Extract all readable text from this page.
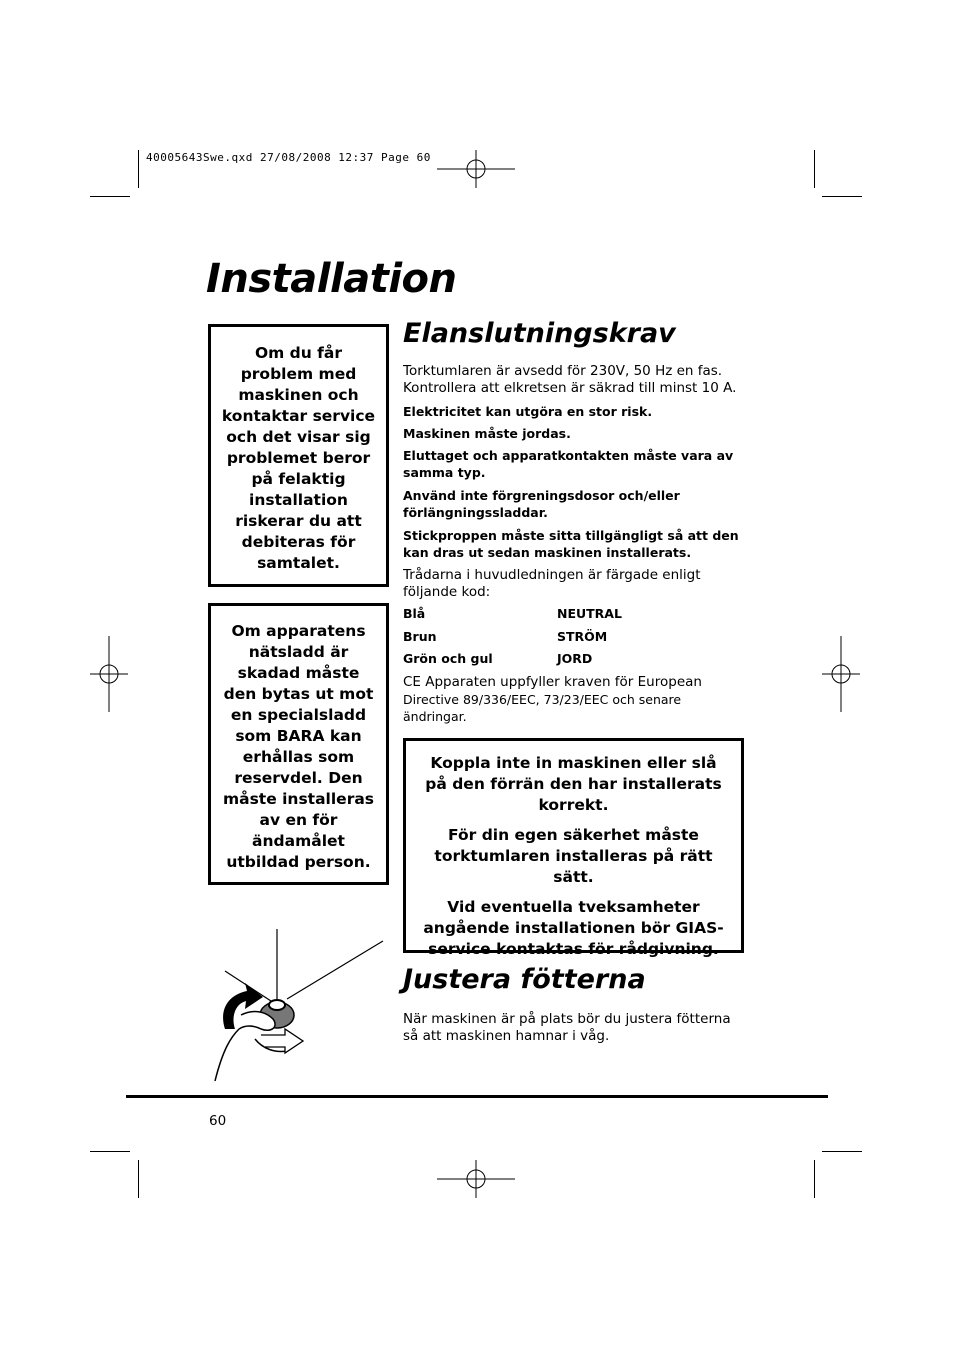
40005643Swe.qxd 27/08/2008 12:37 Page 60
Installation

Om du får

problem med

maskinen och

kontaktar service

och det visar sig

problemet beror

på felaktig

installation

riskerar du att

debiteras för

samtalet.

Om apparatens

nätsladd är

skadad måste

den bytas ut mot

en specialsladd

som BARA kan

erhållas som

reservdel. Den

måste installeras

av en för

ändamålet

utbildad person.

Elanslutningskrav

Torktumlaren är avsedd för 230V, 50 Hz en fas.

Kontrollera att elkretsen är säkrad till minst 10 A.

Elektricitet kan utgöra en stor risk.

Maskinen måste jordas.

Eluttaget och apparatkontakten måste vara av

samma typ.

Använd inte förgreningsdosor och/eller

förlängningssladdar.

Stickproppen måste sitta tillgängligt så att den

kan dras ut sedan maskinen installerats.

Trådarna i huvudledningen är färgade enligt

följande kod:

Blå	NEUTRAL
Brun	STRÖM
Grön och gul	JORD

CE Apparaten uppfyller kraven för European

Directive 89/336/EEC, 73/23/EEC och senare

ändringar.

Koppla inte in maskinen eller slå på den förrän den har installerats korrekt.

För din egen säkerhet måste torktumlaren installeras på rätt sätt.

Vid eventuella tveksamheter angående installationen bör GIAS-service kontaktas för rådgivning.

Justera fötterna

När maskinen är på plats bör du justera fötterna

så att maskinen hamnar i våg.

60
